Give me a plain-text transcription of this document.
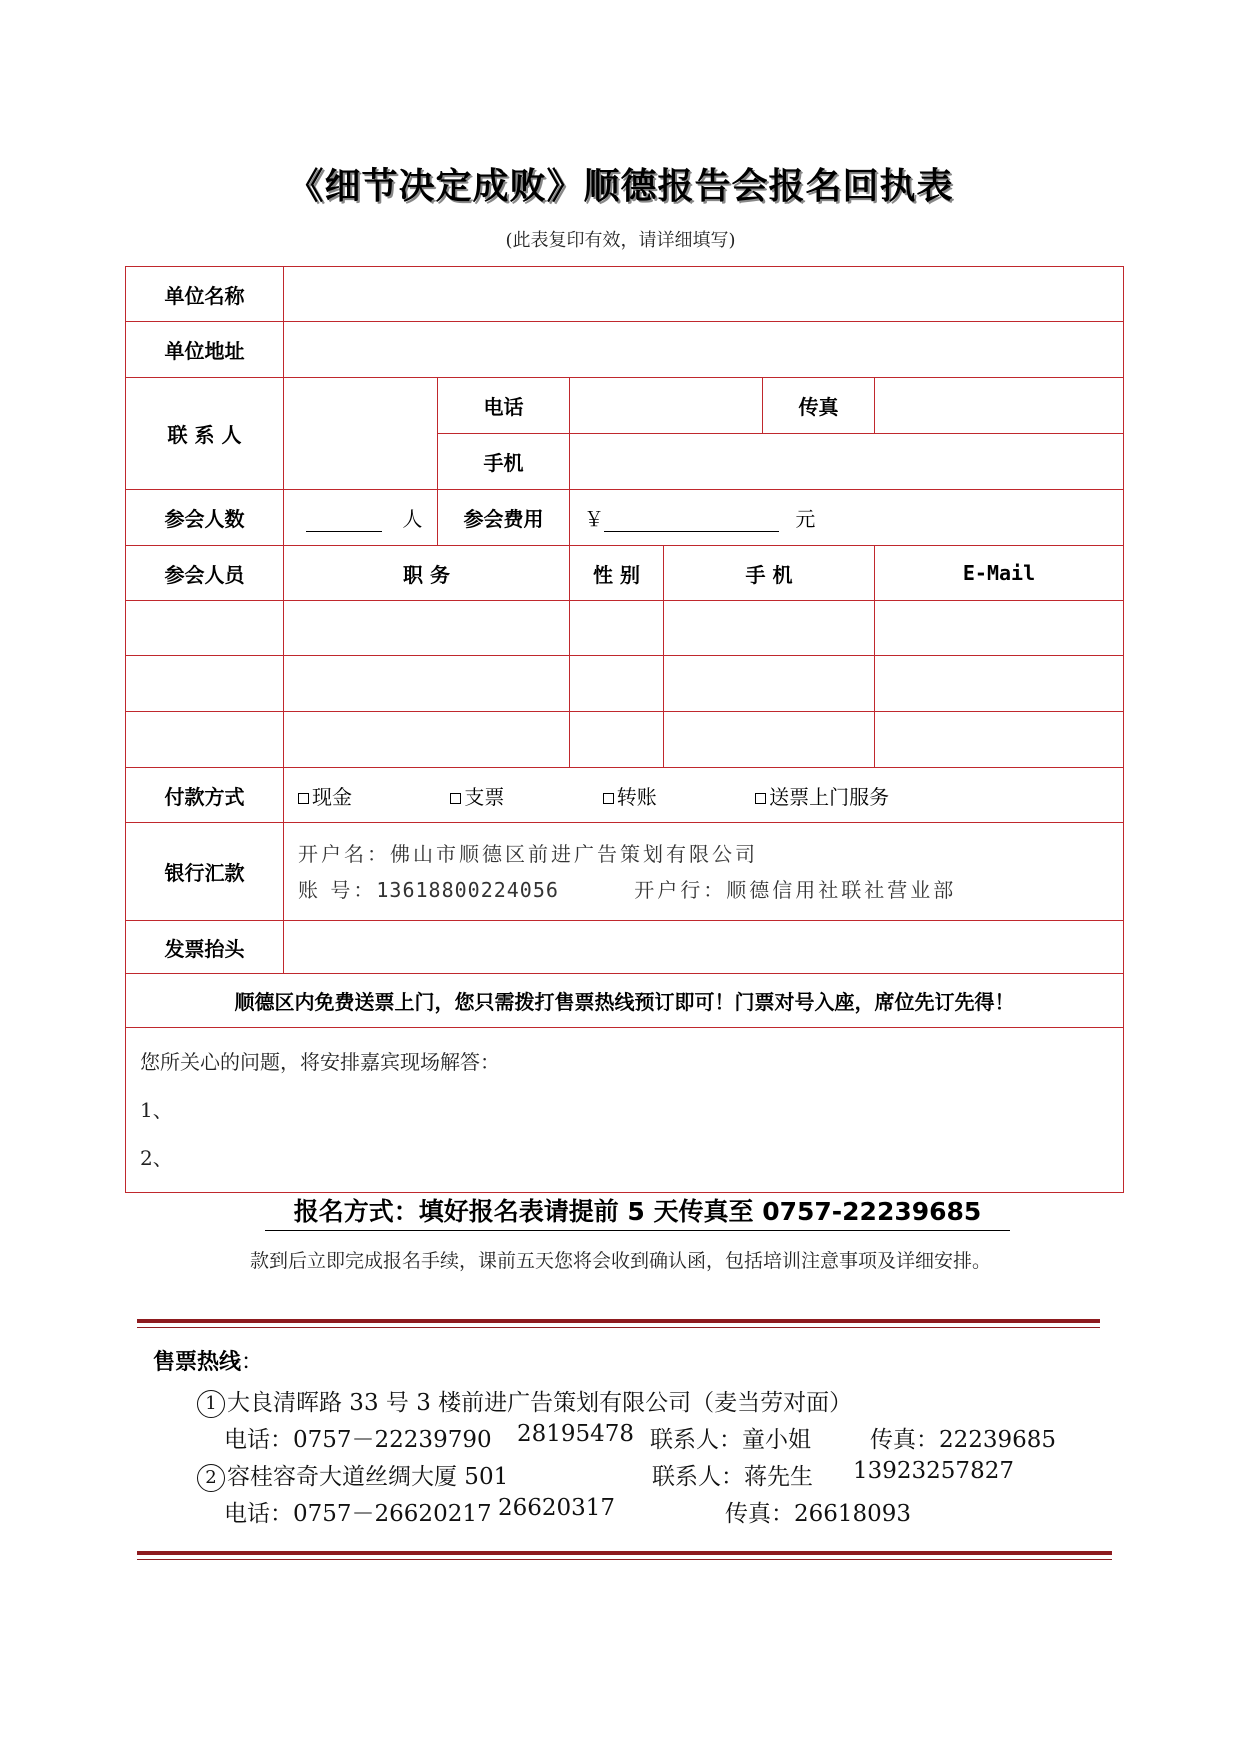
《细节决定成败》顺德报告会报名回执表
(此表复印有效，请详细填写)
单位名称						
单位地址						
联 系 人		电话			传真	
		手机				
参会人数	人	参会费用	￥ 元			
参会人员	职 务		性 别	手 机		E-Mail

付款方式	现金 支票 转账 送票上门服务					
银行汇款	开户名：佛山市顺德区前进广告策划有限公司
账 号：13618800224056 开户行：顺德信用社联社营业部					

发票抬头						
顺德区内免费送票上门，您只需拨打售票热线预订即可！门票对号入座，席位先订先得！						

您所关心的问题，将安排嘉宾现场解答：
1、
2、						
报名方式：填好报名表请提前 5 天传真至 0757-22239685
款到后立即完成报名手续，课前五天您将会收到确认函，包括培训注意事项及详细安排。
售票热线：
1 大良清晖路 33 号 3 楼前进广告策划有限公司（麦当劳对面）
电话：0757－22239790 28195478 联系人：童小姐	传真：22239685
2 容桂容奇大道丝绸大厦 501	联系人：蒋先生 13923257827
电话：0757－26620217 26620317	传真：26618093
